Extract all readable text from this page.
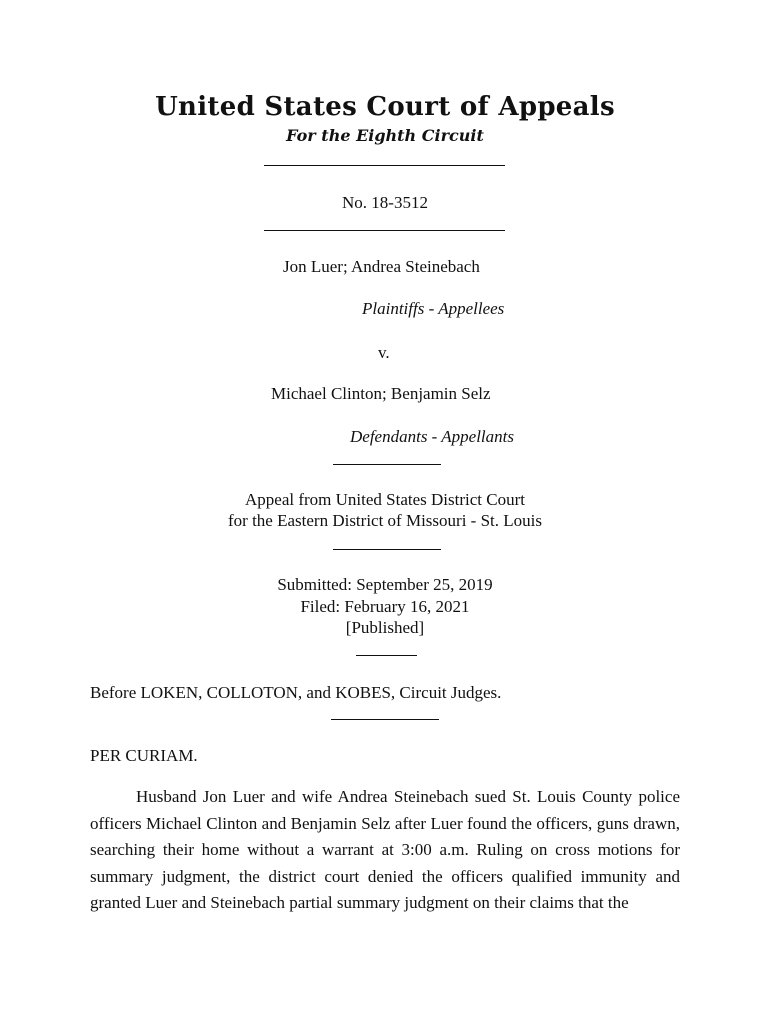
United States Court of Appeals
For the Eighth Circuit
No. 18-3512
Jon Luer; Andrea Steinebach
Plaintiffs - Appellees
v.
Michael Clinton; Benjamin Selz
Defendants - Appellants
Appeal from United States District Court
for the Eastern District of Missouri - St. Louis
Submitted: September 25, 2019
Filed: February 16, 2021
[Published]
Before LOKEN, COLLOTON, and KOBES, Circuit Judges.
PER CURIAM.
Husband Jon Luer and wife Andrea Steinebach sued St. Louis County police officers Michael Clinton and Benjamin Selz after Luer found the officers, guns drawn, searching their home without a warrant at 3:00 a.m. Ruling on cross motions for summary judgment, the district court denied the officers qualified immunity and granted Luer and Steinebach partial summary judgment on their claims that the
